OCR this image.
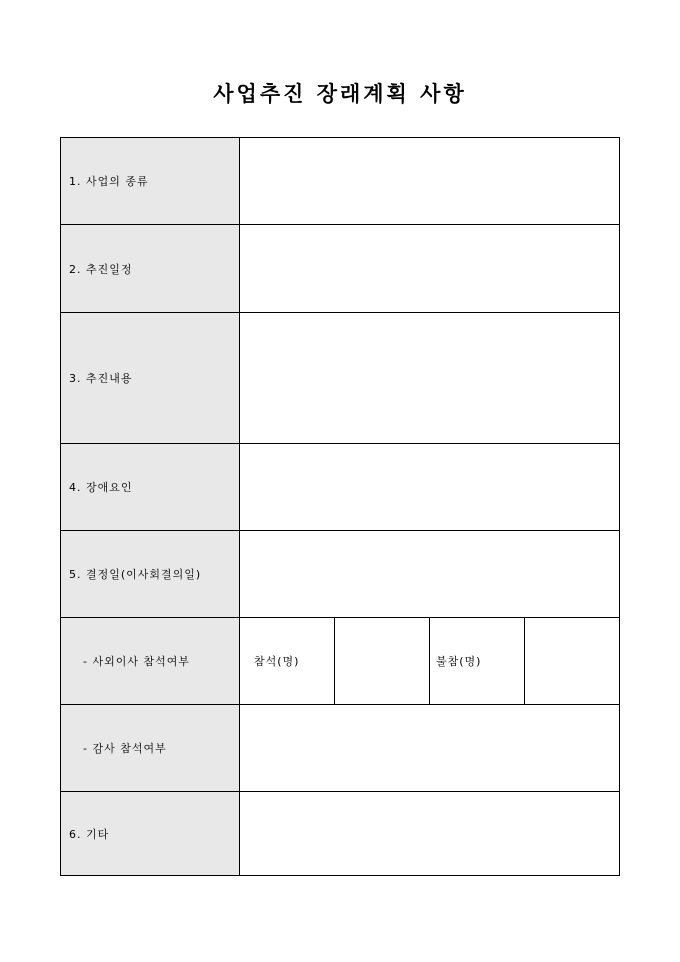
사업추진 장래계획 사항
1. 사업의 종류				
2. 추진일정				
3. 추진내용				
4. 장애요인				
5. 결정일(이사회결의일)				
- 사외이사 참석여부	참석(명)		불참(명)	
- 감사 참석여부				
6. 기타				
